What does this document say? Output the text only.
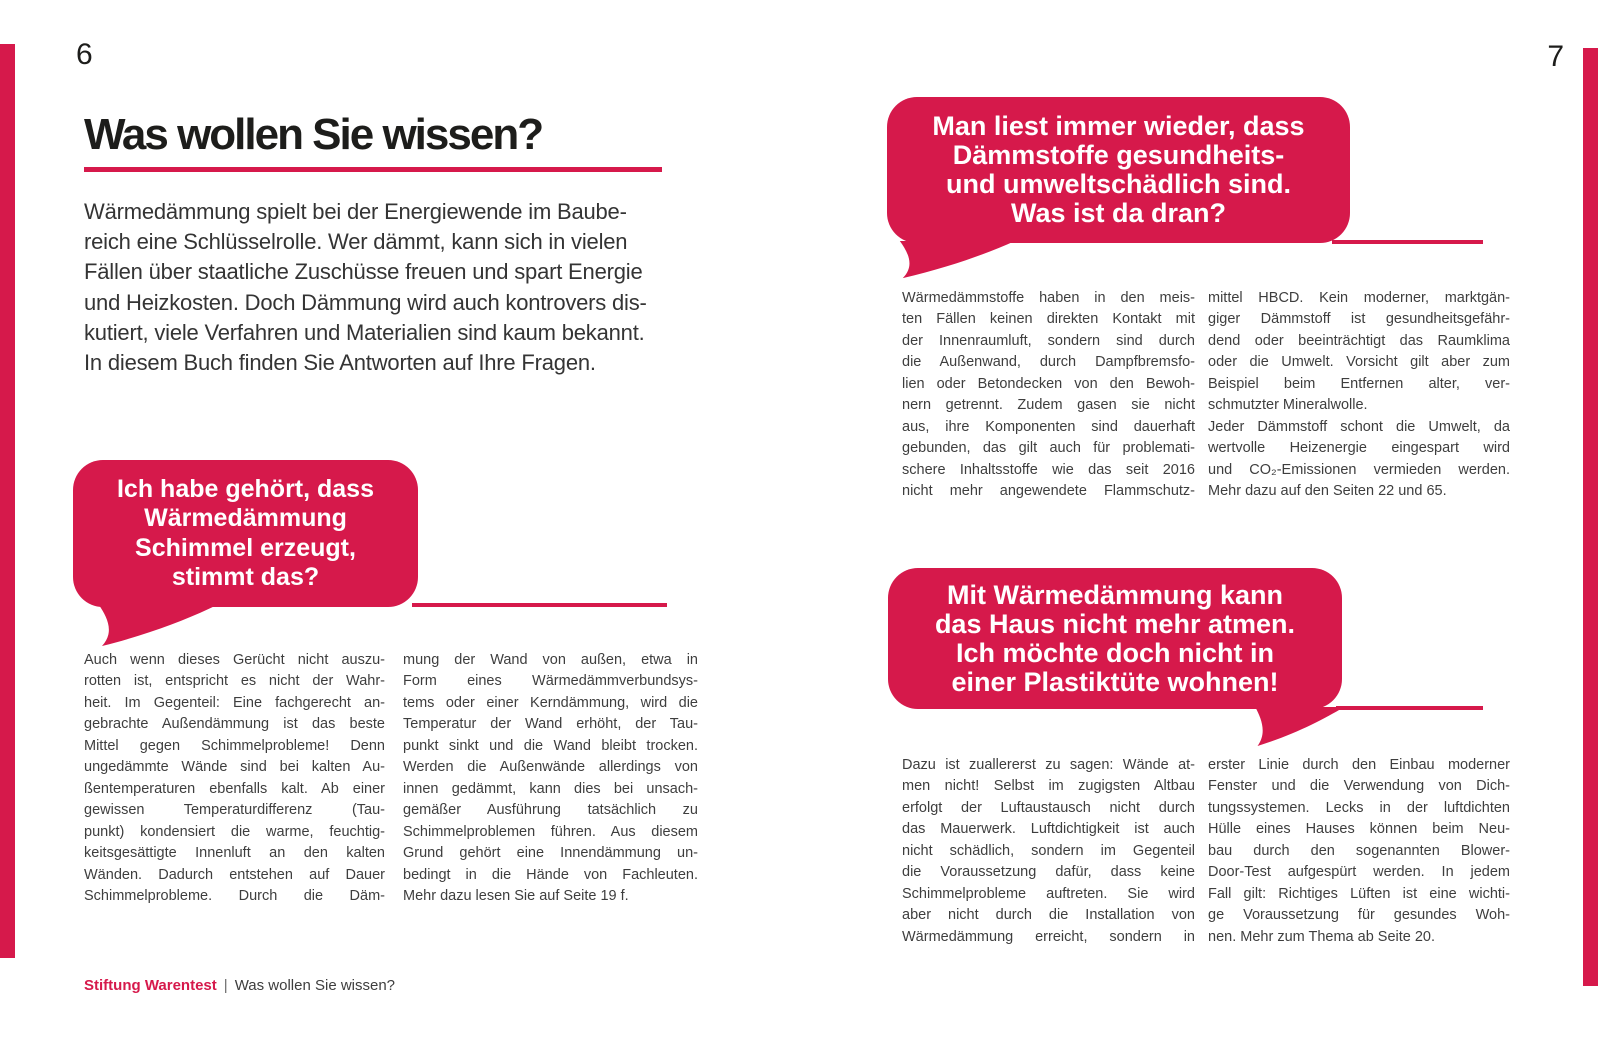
6	7
Was wollen Sie wissen?
Wärmedämmung spielt bei der Energiewende im Baube-
reich eine Schlüsselrolle. Wer dämmt, kann sich in vielen
Fällen über staatliche Zuschüsse freuen und spart Energie
und Heizkosten. Doch Dämmung wird auch kontrovers dis-
kutiert, viele Verfahren und Materialien sind kaum bekannt.
In diesem Buch finden Sie Antworten auf Ihre Fragen.
Ich habe gehört, dass
Wärmedämmung
Schimmel erzeugt,
stimmt das?
Auch wenn dieses Gerücht nicht auszu-
rotten ist, entspricht es nicht der Wahr-
heit. Im Gegenteil: Eine fachgerecht an-
gebrachte Außendämmung ist das beste
Mittel gegen Schimmelprobleme! Denn
ungedämmte Wände sind bei kalten Au-
ßentemperaturen ebenfalls kalt. Ab einer
gewissen Temperaturdifferenz (Tau-
punkt) kondensiert die warme, feuchtig-
keitsgesättigte Innenluft an den kalten
Wänden. Dadurch entstehen auf Dauer
Schimmelprobleme. Durch die Däm-
mung der Wand von außen, etwa in
Form eines Wärmedämmverbundsys-
tems oder einer Kerndämmung, wird die
Temperatur der Wand erhöht, der Tau-
punkt sinkt und die Wand bleibt trocken.
Werden die Außenwände allerdings von
innen gedämmt, kann dies bei unsach-
gemäßer Ausführung tatsächlich zu
Schimmelproblemen führen. Aus diesem
Grund gehört eine Innendämmung un-
bedingt in die Hände von Fachleuten.
Mehr dazu lesen Sie auf Seite 19 f.
Stiftung Warentest | Was wollen Sie wissen?
Man liest immer wieder, dass
Dämmstoffe gesundheits-
und umweltschädlich sind.
Was ist da dran?
Wärmedämmstoffe haben in den meis-
ten Fällen keinen direkten Kontakt mit
der Innenraumluft, sondern sind durch
die Außenwand, durch Dampfbremsfo-
lien oder Betondecken von den Bewoh-
nern getrennt. Zudem gasen sie nicht
aus, ihre Komponenten sind dauerhaft
gebunden, das gilt auch für problemati-
schere Inhaltsstoffe wie das seit 2016
nicht mehr angewendete Flammschutz-
mittel HBCD. Kein moderner, marktgän-
giger Dämmstoff ist gesundheitsgefähr-
dend oder beeinträchtigt das Raumklima
oder die Umwelt. Vorsicht gilt aber zum
Beispiel beim Entfernen alter, ver-
schmutzter Mineralwolle.
Jeder Dämmstoff schont die Umwelt, da
wertvolle Heizenergie eingespart wird
und CO₂-Emissionen vermieden werden.
Mehr dazu auf den Seiten 22 und 65.
Mit Wärmedämmung kann
das Haus nicht mehr atmen.
Ich möchte doch nicht in
einer Plastiktüte wohnen!
Dazu ist zuallererst zu sagen: Wände at-
men nicht! Selbst im zugigsten Altbau
erfolgt der Luftaustausch nicht durch
das Mauerwerk. Luftdichtigkeit ist auch
nicht schädlich, sondern im Gegenteil
die Voraussetzung dafür, dass keine
Schimmelprobleme auftreten. Sie wird
aber nicht durch die Installation von
Wärmedämmung erreicht, sondern in
erster Linie durch den Einbau moderner
Fenster und die Verwendung von Dich-
tungssystemen. Lecks in der luftdichten
Hülle eines Hauses können beim Neu-
bau durch den sogenannten Blower-
Door-Test aufgespürt werden. In jedem
Fall gilt: Richtiges Lüften ist eine wichti-
ge Voraussetzung für gesundes Woh-
nen. Mehr zum Thema ab Seite 20.
